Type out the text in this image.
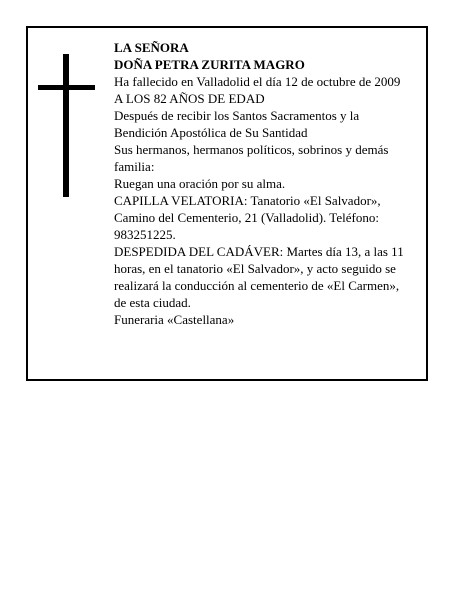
LA SEÑORA
DOÑA PETRA ZURITA MAGRO
Ha fallecido en Valladolid el día 12 de octubre de 2009
A LOS 82 AÑOS DE EDAD
Después de recibir los Santos Sacramentos y la
Bendición Apostólica de Su Santidad
Sus hermanos, hermanos políticos, sobrinos y demás
familia:
Ruegan una oración por su alma.
CAPILLA VELATORIA: Tanatorio «El Salvador»,
Camino del Cementerio, 21 (Valladolid). Teléfono:
983251225.
DESPEDIDA DEL CADÁVER: Martes día 13, a las 11
horas, en el tanatorio «El Salvador», y acto seguido se
realizará la conducción al cementerio de «El Carmen»,
de esta ciudad.
Funeraria «Castellana»
